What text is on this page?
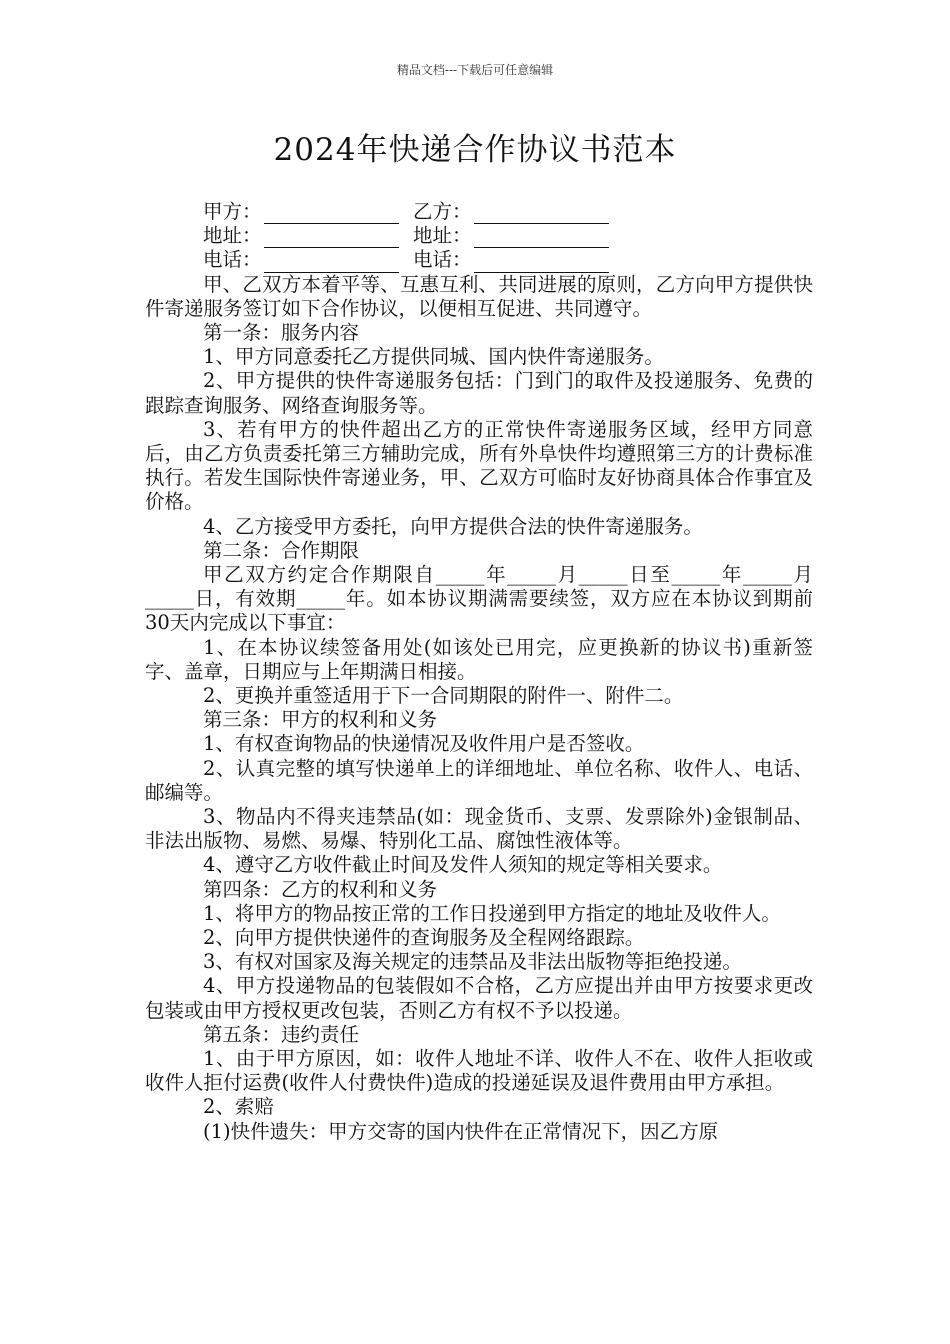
精品文档---下载后可任意编辑
2024年快递合作协议书范本
甲方：	乙方：
地址：	地址：
电话：	电话：

甲、乙双方本着平等、互惠互利、共同进展的原则，乙方向甲方提供快件寄递服务签订如下合作协议，以便相互促进、共同遵守。

第一条：服务内容

1、甲方同意委托乙方提供同城、国内快件寄递服务。

2、甲方提供的快件寄递服务包括：门到门的取件及投递服务、免费的跟踪查询服务、网络查询服务等。

3、若有甲方的快件超出乙方的正常快件寄递服务区域，经甲方同意后，由乙方负责委托第三方辅助完成，所有外阜快件均遵照第三方的计费标准执行。若发生国际快件寄递业务，甲、乙双方可临时友好协商具体合作事宜及价格。

4、乙方接受甲方委托，向甲方提供合法的快件寄递服务。

第二条：合作期限

甲乙双方约定合作期限自_____年_____月_____日至_____年_____月_____日，有效期_____年。如本协议期满需要续签，双方应在本协议到期前30天内完成以下事宜：

1、在本协议续签备用处(如该处已用完，应更换新的协议书)重新签字、盖章，日期应与上年期满日相接。

2、更换并重签适用于下一合同期限的附件一、附件二。

第三条：甲方的权利和义务

1、有权查询物品的快递情况及收件用户是否签收。

2、认真完整的填写快递单上的详细地址、单位名称、收件人、电话、邮编等。

3、物品内不得夹违禁品(如：现金货币、支票、发票除外)金银制品、非法出版物、易燃、易爆、特别化工品、腐蚀性液体等。

4、遵守乙方收件截止时间及发件人须知的规定等相关要求。

第四条：乙方的权利和义务

1、将甲方的物品按正常的工作日投递到甲方指定的地址及收件人。

2、向甲方提供快递件的查询服务及全程网络跟踪。

3、有权对国家及海关规定的违禁品及非法出版物等拒绝投递。

4、甲方投递物品的包装假如不合格，乙方应提出并由甲方按要求更改包装或由甲方授权更改包装，否则乙方有权不予以投递。

第五条：违约责任

1、由于甲方原因，如：收件人地址不详、收件人不在、收件人拒收或收件人拒付运费(收件人付费快件)造成的投递延误及退件费用由甲方承担。

2、索赔

(1)快件遗失：甲方交寄的国内快件在正常情况下，因乙方原
